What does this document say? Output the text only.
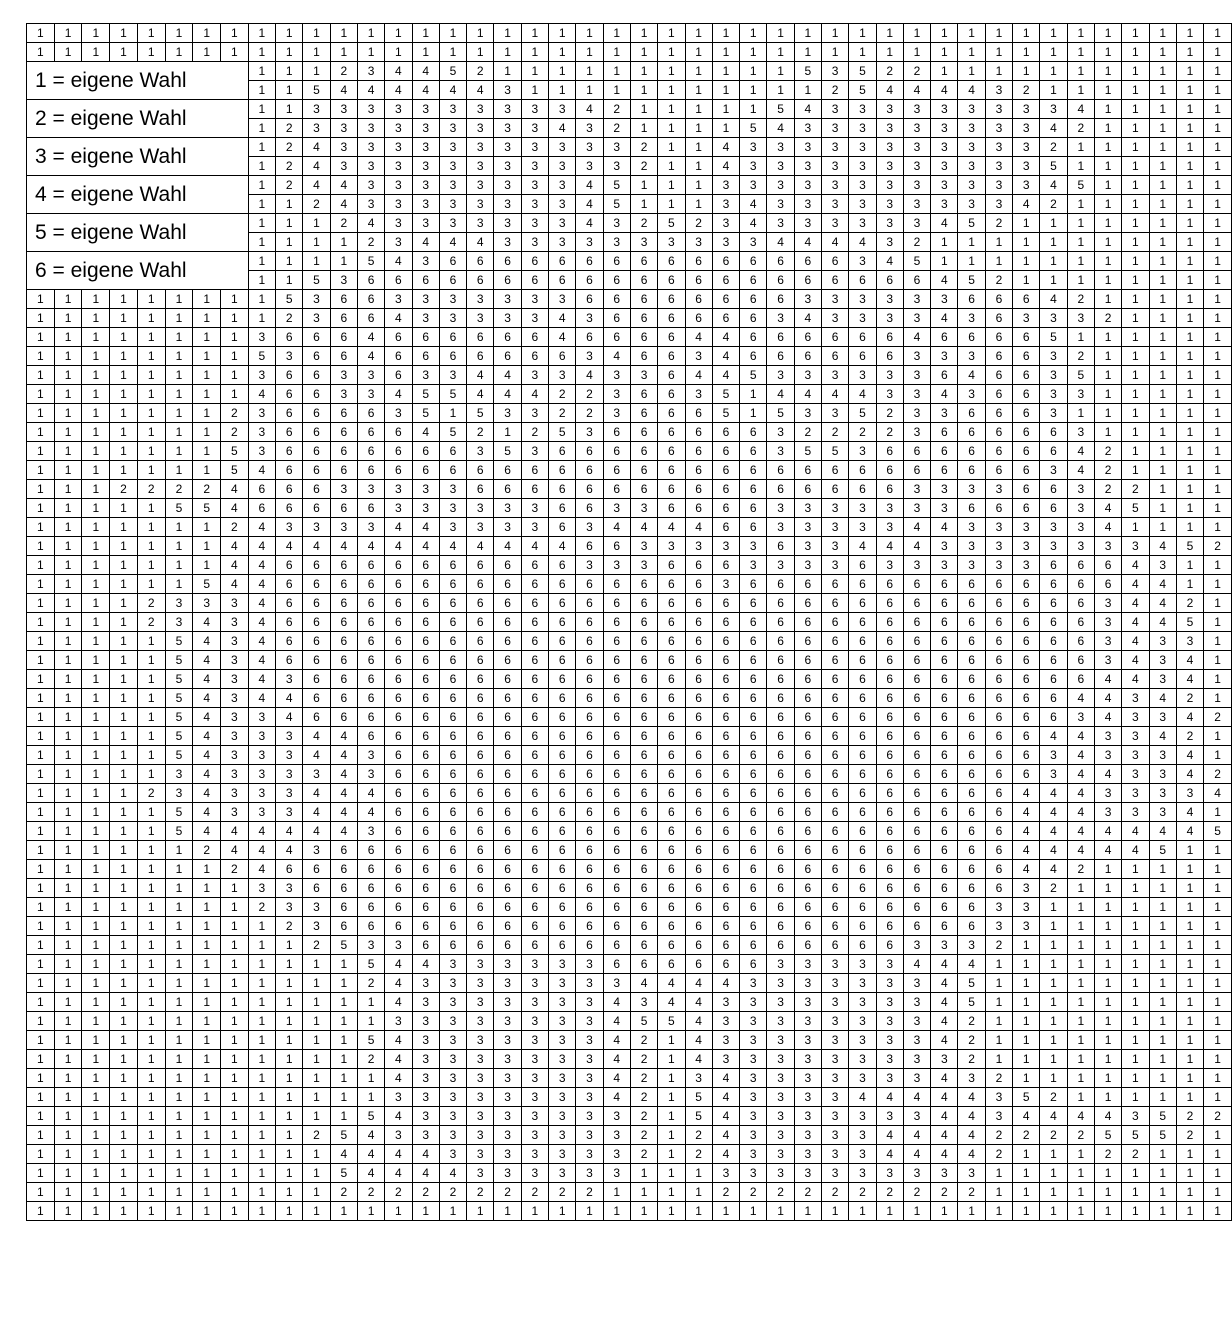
1	1	1	1	1	1	1	1	1	1	1	1	1	1	1	1	1	1	1	1	1	1	1	1	1	1	1	1	1	1	1	1	1	1	1	1	1	1	1	1	1	1	1	1
1	1	1	1	1	1	1	1	1	1	1	1	1	1	1	1	1	1	1	1	1	1	1	1	1	1	1	1	1	1	1	1	1	1	1	1	1	1	1	1	1	1	1	1
1 = eigene Wahl								1	1	1	2	3	4	4	5	2	1	1	1	1	1	1	1	1	1	1	1	5	3	5	2	2	1	1	1	1	1	1	1	1	1	1	1
								1	1	5	4	4	4	4	4	4	3	1	1	1	1	1	1	1	1	1	1	1	2	5	4	4	4	4	3	2	1	1	1	1	1	1	1
2 = eigene Wahl								1	1	3	3	3	3	3	3	3	3	3	3	4	2	1	1	1	1	1	5	4	3	3	3	3	3	3	3	3	3	4	1	1	1	1	1
								1	2	3	3	3	3	3	3	3	3	3	4	3	2	1	1	1	1	5	4	3	3	3	3	3	3	3	3	3	4	2	1	1	1	1	1
3 = eigene Wahl								1	2	4	3	3	3	3	3	3	3	3	3	3	3	2	1	1	4	3	3	3	3	3	3	3	3	3	3	3	2	1	1	1	1	1	1
								1	2	4	3	3	3	3	3	3	3	3	3	3	3	2	1	1	4	3	3	3	3	3	3	3	3	3	3	3	5	1	1	1	1	1	1
4 = eigene Wahl								1	2	4	4	3	3	3	3	3	3	3	3	4	5	1	1	1	3	3	3	3	3	3	3	3	3	3	3	3	4	5	1	1	1	1	1
								1	1	2	4	3	3	3	3	3	3	3	3	4	5	1	1	1	3	4	3	3	3	3	3	3	3	3	3	4	2	1	1	1	1	1	1
5 = eigene Wahl								1	1	1	2	4	3	3	3	3	3	3	3	4	3	2	5	2	3	4	3	3	3	3	3	3	4	5	2	1	1	1	1	1	1	1	1
								1	1	1	1	2	3	4	4	4	3	3	3	3	3	3	3	3	3	3	4	4	4	4	3	2	1	1	1	1	1	1	1	1	1	1	1
6 = eigene Wahl								1	1	1	1	5	4	3	6	6	6	6	6	6	6	6	6	6	6	6	6	6	6	3	4	5	1	1	1	1	1	1	1	1	1	1	1
								1	1	5	3	6	6	6	6	6	6	6	6	6	6	6	6	6	6	6	6	6	6	6	6	6	4	5	2	1	1	1	1	1	1	1	1
1	1	1	1	1	1	1	1	1	5	3	6	6	3	3	3	3	3	3	3	6	6	6	6	6	6	6	6	3	3	3	3	3	3	6	6	6	4	2	1	1	1	1	1
1	1	1	1	1	1	1	1	1	2	3	6	6	4	3	3	3	3	3	4	3	6	6	6	6	6	6	3	4	3	3	3	3	4	3	6	3	3	3	2	1	1	1	1
1	1	1	1	1	1	1	1	3	6	6	6	4	6	6	6	6	6	6	4	6	6	6	6	4	4	6	6	6	6	6	6	4	6	6	6	6	5	1	1	1	1	1	1
1	1	1	1	1	1	1	1	5	3	6	6	4	6	6	6	6	6	6	6	3	4	6	6	3	4	6	6	6	6	6	6	3	3	3	6	6	3	2	1	1	1	1	1
1	1	1	1	1	1	1	1	3	6	6	3	3	6	3	3	4	4	3	3	4	3	3	6	4	4	5	3	3	3	3	3	3	6	4	6	6	3	5	1	1	1	1	1
1	1	1	1	1	1	1	1	4	6	6	3	3	4	5	5	4	4	4	2	2	3	6	6	3	5	1	4	4	4	4	3	3	4	3	6	6	3	3	1	1	1	1	1
1	1	1	1	1	1	1	2	3	6	6	6	6	3	5	1	5	3	3	2	2	3	6	6	6	5	1	5	3	3	5	2	3	3	6	6	6	3	1	1	1	1	1	1
1	1	1	1	1	1	1	2	3	6	6	6	6	6	4	5	2	1	2	5	3	6	6	6	6	6	6	3	2	2	2	2	3	6	6	6	6	6	3	1	1	1	1	1
1	1	1	1	1	1	1	5	3	6	6	6	6	6	6	6	3	5	3	6	6	6	6	6	6	6	6	3	5	5	3	6	6	6	6	6	6	6	4	2	1	1	1	1
1	1	1	1	1	1	1	5	4	6	6	6	6	6	6	6	6	6	6	6	6	6	6	6	6	6	6	6	6	6	6	6	6	6	6	6	6	3	4	2	1	1	1	1
1	1	1	2	2	2	2	4	6	6	6	3	3	3	3	3	6	6	6	6	6	6	6	6	6	6	6	6	6	6	6	6	3	3	3	3	6	6	3	2	2	1	1	1
1	1	1	1	1	5	5	4	6	6	6	6	6	3	3	3	3	3	3	6	6	3	3	6	6	6	6	3	3	3	3	3	3	3	6	6	6	6	3	4	5	1	1	1
1	1	1	1	1	1	1	2	4	3	3	3	3	4	4	3	3	3	3	6	3	4	4	4	4	6	6	3	3	3	3	3	4	4	3	3	3	3	3	4	1	1	1	1
1	1	1	1	1	1	1	4	4	4	4	4	4	4	4	4	4	4	4	4	6	6	3	3	3	3	3	6	3	3	4	4	4	3	3	3	3	3	3	3	3	4	5	2
1	1	1	1	1	1	1	4	4	6	6	6	6	6	6	6	6	6	6	6	3	3	3	6	6	6	3	3	3	3	6	3	3	3	3	3	3	6	6	6	4	3	1	1
1	1	1	1	1	1	5	4	4	6	6	6	6	6	6	6	6	6	6	6	6	6	6	6	6	3	6	6	6	6	6	6	6	6	6	6	6	6	6	6	4	4	1	1
1	1	1	1	2	3	3	3	4	6	6	6	6	6	6	6	6	6	6	6	6	6	6	6	6	6	6	6	6	6	6	6	6	6	6	6	6	6	6	3	4	4	2	1
1	1	1	1	2	3	4	3	4	6	6	6	6	6	6	6	6	6	6	6	6	6	6	6	6	6	6	6	6	6	6	6	6	6	6	6	6	6	6	3	4	4	5	1
1	1	1	1	1	5	4	3	4	6	6	6	6	6	6	6	6	6	6	6	6	6	6	6	6	6	6	6	6	6	6	6	6	6	6	6	6	6	6	3	4	3	3	1
1	1	1	1	1	5	4	3	4	6	6	6	6	6	6	6	6	6	6	6	6	6	6	6	6	6	6	6	6	6	6	6	6	6	6	6	6	6	6	3	4	3	4	1
1	1	1	1	1	5	4	3	4	3	6	6	6	6	6	6	6	6	6	6	6	6	6	6	6	6	6	6	6	6	6	6	6	6	6	6	6	6	6	4	4	3	4	1
1	1	1	1	1	5	4	3	4	4	6	6	6	6	6	6	6	6	6	6	6	6	6	6	6	6	6	6	6	6	6	6	6	6	6	6	6	6	4	4	3	4	2	1
1	1	1	1	1	5	4	3	3	4	6	6	6	6	6	6	6	6	6	6	6	6	6	6	6	6	6	6	6	6	6	6	6	6	6	6	6	6	3	4	3	3	4	2
1	1	1	1	1	5	4	3	3	3	4	4	6	6	6	6	6	6	6	6	6	6	6	6	6	6	6	6	6	6	6	6	6	6	6	6	6	4	4	3	3	4	2	1
1	1	1	1	1	5	4	3	3	3	4	4	3	6	6	6	6	6	6	6	6	6	6	6	6	6	6	6	6	6	6	6	6	6	6	6	6	3	4	3	3	3	4	1
1	1	1	1	1	3	4	3	3	3	3	4	3	6	6	6	6	6	6	6	6	6	6	6	6	6	6	6	6	6	6	6	6	6	6	6	6	3	4	4	3	3	4	2
1	1	1	1	2	3	4	3	3	3	4	4	4	6	6	6	6	6	6	6	6	6	6	6	6	6	6	6	6	6	6	6	6	6	6	6	4	4	4	3	3	3	3	4
1	1	1	1	1	5	4	3	3	3	4	4	4	6	6	6	6	6	6	6	6	6	6	6	6	6	6	6	6	6	6	6	6	6	6	6	4	4	4	3	3	3	4	1
1	1	1	1	1	5	4	4	4	4	4	4	3	6	6	6	6	6	6	6	6	6	6	6	6	6	6	6	6	6	6	6	6	6	6	6	4	4	4	4	4	4	4	5
1	1	1	1	1	1	2	4	4	4	3	6	6	6	6	6	6	6	6	6	6	6	6	6	6	6	6	6	6	6	6	6	6	6	6	6	4	4	4	4	4	5	1	1
1	1	1	1	1	1	1	2	4	6	6	6	6	6	6	6	6	6	6	6	6	6	6	6	6	6	6	6	6	6	6	6	6	6	6	6	4	4	2	1	1	1	1	1
1	1	1	1	1	1	1	1	3	3	6	6	6	6	6	6	6	6	6	6	6	6	6	6	6	6	6	6	6	6	6	6	6	6	6	6	3	2	1	1	1	1	1	1
1	1	1	1	1	1	1	1	2	3	3	6	6	6	6	6	6	6	6	6	6	6	6	6	6	6	6	6	6	6	6	6	6	6	6	3	3	1	1	1	1	1	1	1
1	1	1	1	1	1	1	1	1	2	3	6	6	6	6	6	6	6	6	6	6	6	6	6	6	6	6	6	6	6	6	6	6	6	6	3	3	1	1	1	1	1	1	1
1	1	1	1	1	1	1	1	1	1	2	5	3	3	6	6	6	6	6	6	6	6	6	6	6	6	6	6	6	6	6	6	3	3	3	2	1	1	1	1	1	1	1	1
1	1	1	1	1	1	1	1	1	1	1	1	5	4	4	3	3	3	3	3	3	6	6	6	6	6	6	3	3	3	3	3	4	4	4	1	1	1	1	1	1	1	1	1
1	1	1	1	1	1	1	1	1	1	1	1	2	4	3	3	3	3	3	3	3	3	4	4	4	4	3	3	3	3	3	3	3	4	5	1	1	1	1	1	1	1	1	1
1	1	1	1	1	1	1	1	1	1	1	1	1	4	3	3	3	3	3	3	3	4	3	4	4	3	3	3	3	3	3	3	3	4	5	1	1	1	1	1	1	1	1	1
1	1	1	1	1	1	1	1	1	1	1	1	1	3	3	3	3	3	3	3	3	4	5	5	4	3	3	3	3	3	3	3	3	4	2	1	1	1	1	1	1	1	1	1
1	1	1	1	1	1	1	1	1	1	1	1	5	4	3	3	3	3	3	3	3	4	2	1	4	3	3	3	3	3	3	3	3	4	2	1	1	1	1	1	1	1	1	1
1	1	1	1	1	1	1	1	1	1	1	1	2	4	3	3	3	3	3	3	3	4	2	1	4	3	3	3	3	3	3	3	3	3	2	1	1	1	1	1	1	1	1	1
1	1	1	1	1	1	1	1	1	1	1	1	1	4	3	3	3	3	3	3	3	4	2	1	3	4	3	3	3	3	3	3	3	4	3	2	1	1	1	1	1	1	1	1
1	1	1	1	1	1	1	1	1	1	1	1	1	3	3	3	3	3	3	3	3	4	2	1	5	4	3	3	3	3	4	4	4	4	4	3	5	2	1	1	1	1	1	1
1	1	1	1	1	1	1	1	1	1	1	1	5	4	3	3	3	3	3	3	3	3	2	1	5	4	3	3	3	3	3	3	3	4	4	3	4	4	4	4	3	5	2	2
1	1	1	1	1	1	1	1	1	1	2	5	4	3	3	3	3	3	3	3	3	3	2	1	2	4	3	3	3	3	3	4	4	4	4	2	2	2	2	5	5	5	2	1
1	1	1	1	1	1	1	1	1	1	1	4	4	4	4	3	3	3	3	3	3	3	2	1	2	4	3	3	3	3	3	4	4	4	4	2	1	1	1	2	2	1	1	1
1	1	1	1	1	1	1	1	1	1	1	5	4	4	4	4	3	3	3	3	3	3	1	1	1	3	3	3	3	3	3	3	3	3	3	1	1	1	1	1	1	1	1	1
1	1	1	1	1	1	1	1	1	1	1	2	2	2	2	2	2	2	2	2	2	1	1	1	1	2	2	2	2	2	2	2	2	2	2	1	1	1	1	1	1	1	1	1
1	1	1	1	1	1	1	1	1	1	1	1	1	1	1	1	1	1	1	1	1	1	1	1	1	1	1	1	1	1	1	1	1	1	1	1	1	1	1	1	1	1	1	1
